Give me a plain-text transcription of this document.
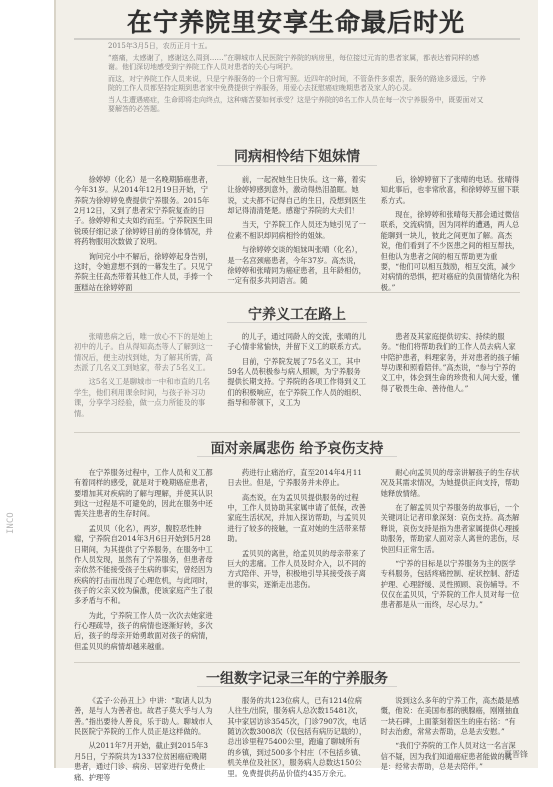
INCO
在宁养院里安享生命最后时光

2015年3月5日，农历正月十五。

“癌痛，太感谢了，感谢这么周到……”在聊城市人民医院宁养院的病房里，每位接过元宵的患者家属，都表达着同样的感谢。他们深切地感受到宁养院工作人员对患者的关心与呵护。

而这，对宁养院工作人员来说，只是宁养服务的一个日常写照。近四年的时间，不管条件多艰苦，服务的路途多遥远，宁养院的工作人员都坚持定期到患者家中免费提供宁养服务，用爱心去抚慰癌症晚期患者及家人的心灵。

当人生遭遇癌症，生命即将走向终点，这种痛苦要如何承受？这是宁养院的8名工作人员在每一次宁养服务中，既要面对又要解答的必答题。

同病相怜结下姐妹情

徐婷婷（化名）是一名晚期肺癌患者，今年31岁。从2014年12月19日开始，宁养院为徐婷婷免费提供宁养服务。2015年2月12日，又到了患者宋宁养院复查的日子。徐婷婷和丈夫如约而至。宁养院医生田锐瑛仔细记录了徐婷婷目前的身体情况，并将药物服用次数做了说明。

询问完小中不解后，徐婷婷起身告别，这时，令她意想不到的一幕发生了。只见宁养院主任高杰带着其他工作人员，手捧一个蛋糕站在徐婷婷面

前，一起祝她生日快乐。这一幕，着实让徐婷婷感到意外，激动得热泪盈眶。她说，丈夫都不记得自己的生日，没想到医生却记得清清楚楚。感谢宁养院的大夫们！

当天，宁养院工作人员还为她引见了一位素不相识却同病相怜的姐妹。

与徐婷婷交谈的姐妹叫张晴（化名），是一名宫颈癌患者，今年37岁。高杰说，徐婷婷和张晴同为癌症患者，且年龄相仿，一定有很多共同语言。随

后，徐婷婷留下了张晴的电话。张晴得知此事后，也非常欣喜，和徐婷婷互留下联系方式。

现在，徐婷婷和张晴每天都会通过微信联系，交流病情，因为同样的遭遇，两人总能聊到一块儿，彼此之间更加了解。高杰说，他们看到了不少医患之间的相互帮扶，但他认为患者之间的相互帮助更为重要，“他们可以相互鼓励，相互交流，减少对病情的恐惧，把对癌症的负面情绪化为积极。”

宁养义工在路上

张晴患病之后，唯一放心不下的是她上初中的儿子。自从得知高杰等人了解到这一情况后，便主动找到她，为了解其所需，高杰派了几名义工到她家，带去了5名义工。

这5名义工是聊城市一中和市直的几名学生，他们利用课余时间，与孩子补习功课，分享学习经验，做一点力所能及的事情。

的儿子，通过同龄人的交流，张晴的儿子心情非常愉快，并留下义工的联系方式。

目前，宁养院发展了75名义工，其中59名人员积极参与病人照顾，为宁养服务提供长期支持。宁养院的各项工作得到义工们的积极响应，在宁养院工作人员的组织、指导和带领下，义工为

患者及其家庭提供切实、持续的服务。“他们将帮助我们的工作人员去病人家中陪护患者，料理家务，并对患者的孩子辅导功课和照看陪伴。”高杰说，“参与宁养的义工中，体会到生命的珍贵和人间大爱，懂得了敬畏生命、善待他人。”

面对亲属悲伤 给予哀伤支持

在宁养服务过程中，工作人员和义工都有着同样的感受，就是对于晚期癌症患者，要增加其对疾病的了解与理解，并使其认识到这一过程是不可避免的，因此在服务中还需关注患者的生存时间。

孟贝贝（化名），两岁，腹腔恶性肿瘤，宁养院自2014年3月6日开始到5月28日期间，为其提供了宁养服务，在服务中工作人员发现，虽然有了宁养服务，但患者母亲依然不能接受孩子生病的事实，曾经因为疾病的打击而出现了心理危机，与此同时，孩子的父亲又较为偏激，使该家庭产生了很多矛盾与不和。

为此，宁养院工作人员一次次去她家进行心理疏导，孩子的病情也逐渐好转，多次后，孩子的母亲开始勇敢面对孩子的病情，但孟贝贝的病情却越来越重。

药进行止痛治疗，直至2014年4月11日去世。但是，宁养服务并未停止。

高杰说，在为孟贝贝提供服务的过程中，工作人员协助其家属申请了低保，改善家庭生活状况，并加入探访帮助，与孟贝贝进行了较多的接触，一直对她的生活带来帮助。

孟贝贝的离世，给孟贝贝的母亲带来了巨大的悲痛。工作人员及时介入，以不同的方式陪伴、开导，积极地引导其接受孩子离世的事实，逐渐走出悲伤。

耐心向孟贝贝的母亲讲解孩子的生存状况及其需求情况，为她提供正向支持，帮助她释放情绪。

在了解孟贝贝宁养服务的故事后，一个关键词让记者印象深刻：哀伤支持。高杰解释说，哀伤支持是指为患者家属提供心理援助服务，帮助家人面对亲人离世的悲伤，尽快回归正常生活。

“宁养的目标是以宁养服务为主的医学专科服务，包括疼痛控制、症状控制、舒适护理、心理舒缓、灵性照顾、哀伤辅导。不仅仅在孟贝贝，宁养院的工作人员对每一位患者都是从一而终，尽心尽力。”

一组数字记录三年的宁养服务

《孟子·公孙丑上》中讲：“取诸人以为善，是与人为善者也。故君子莫大乎与人为善。”指出要待人善良，乐于助人。聊城市人民医院宁养院的工作人员正是这样做的。

从2011年7月开始，截止到2015年3月5日，宁养院共为1337位贫困癌症晚期患者，通过门诊、病房、居家进行免费止痛、护理等

服务的共123位病人，已有1214位病人往生/出院，服务病人总次数15481次，其中家居访诊3545次，门诊7907次，电话随访次数3008次（仅包括有病历记载的），总出诊里程75400公里，跑遍了聊城所有的乡镇，到过500多个村庄（不包括乡镇、机关单位及社区），服务病人总数达150公里。免费提供药品价值约435万余元。

说到这么多年的宁养工作，高杰最是感慨，他说：在美国布那的胰腺癌，刚刚抽血一块石碑，上面篆刻着医生的座右铭：“有时去治愈，常常去帮助，总是去安慰。”

“我们宁养院的工作人员对这一名言深信不疑，因为我们知道癌症患者能做的就是：经常去帮助，总是去陪伴。”

夏晋锋
